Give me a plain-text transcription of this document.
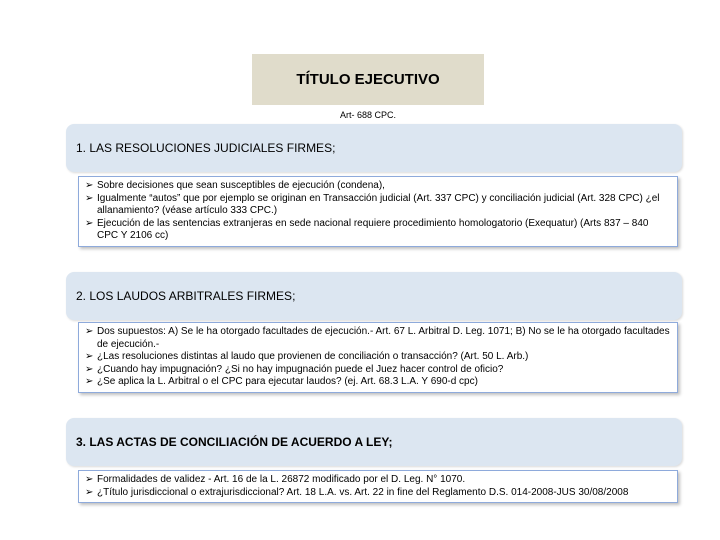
TÍTULO EJECUTIVO
Art- 688 CPC.
1. LAS RESOLUCIONES JUDICIALES FIRMES;
➢ Sobre decisiones que sean susceptibles de ejecución (condena),
➢ Igualmente “autos” que por ejemplo se originan en Transacción judicial (Art. 337 CPC) y conciliación judicial (Art. 328 CPC) ¿el allanamiento? (véase artículo 333 CPC.)
➢ Ejecución de las sentencias extranjeras en sede nacional requiere procedimiento homologatorio (Exequatur) (Arts 837 – 840 CPC Y 2106 cc)
2. LOS LAUDOS ARBITRALES FIRMES;
➢ Dos supuestos: A) Se le ha otorgado facultades de ejecución.- Art. 67 L. Arbitral D. Leg. 1071; B) No se le ha otorgado facultades de ejecución.-
➢ ¿Las resoluciones distintas al laudo que provienen de conciliación o transacción? (Art. 50 L. Arb.)
➢ ¿Cuando hay impugnación? ¿Si no hay impugnación puede el Juez hacer control de oficio?
➢ ¿Se aplica la L. Arbitral o el CPC para ejecutar laudos? (ej. Art. 68.3 L.A. Y 690-d cpc)
3. LAS ACTAS DE CONCILIACIÓN DE ACUERDO A LEY;
➢ Formalidades de validez - Art. 16 de la L. 26872 modificado por el D. Leg. N° 1070.
➢ ¿Título jurisdiccional o extrajurisdiccional? Art. 18 L.A. vs. Art. 22 in fine del Reglamento D.S. 014-2008-JUS 30/08/2008
